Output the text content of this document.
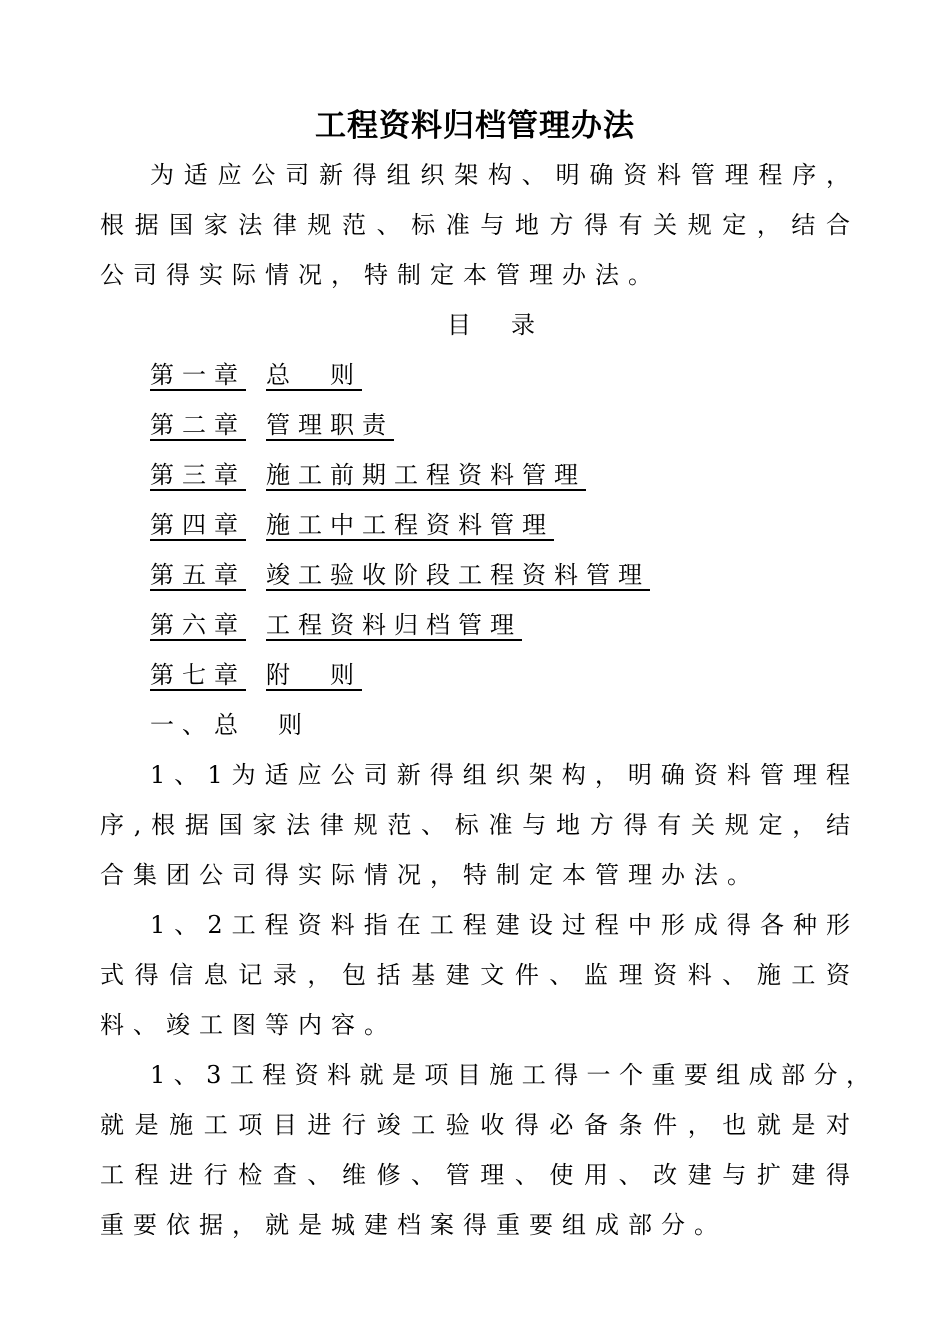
工程资料归档管理办法
为适应公司新得组织架构、明确资料管理程序，
根据国家法律规范、标准与地方得有关规定，结合
公司得实际情况，特制定本管理办法。
目　录
第一章 总　则
第二章 管理职责
第三章 施工前期工程资料管理
第四章 施工中工程资料管理
第五章 竣工验收阶段工程资料管理
第六章 工程资料归档管理
第七章 附　则
一、总　则
1、1为适应公司新得组织架构，明确资料管理程
序,根据国家法律规范、标准与地方得有关规定，结
合集团公司得实际情况，特制定本管理办法。
1、2工程资料指在工程建设过程中形成得各种形
式得信息记录，包括基建文件、监理资料、施工资
料、竣工图等内容。
1、3工程资料就是项目施工得一个重要组成部分，
就是施工项目进行竣工验收得必备条件，也就是对
工程进行检查、维修、管理、使用、改建与扩建得
重要依据，就是城建档案得重要组成部分。
